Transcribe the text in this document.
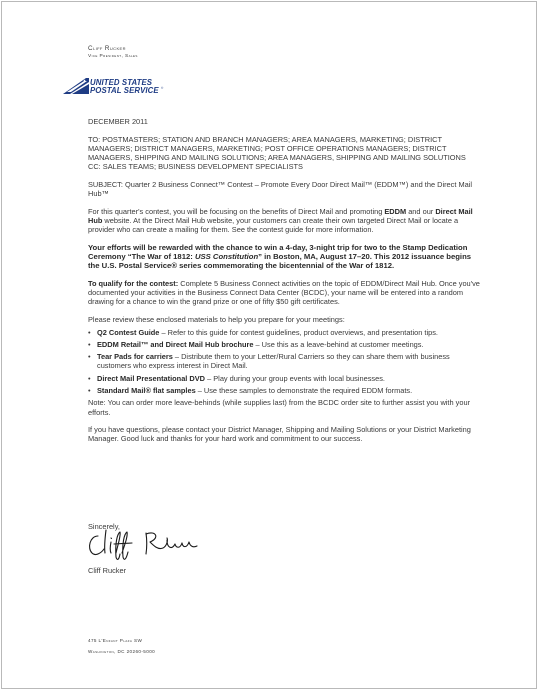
Cliff Rucker
Vice President, Sales
UNITED STATES
POSTAL SERVICE ®

DECEMBER 2011

TO: POSTMASTERS; STATION AND BRANCH MANAGERS; AREA MANAGERS, MARKETING; DISTRICT MANAGERS; DISTRICT MANAGERS, MARKETING; POST OFFICE OPERATIONS MANAGERS; DISTRICT MANAGERS, SHIPPING AND MAILING SOLUTIONS; AREA MANAGERS, SHIPPING AND MAILING SOLUTIONS

CC: SALES TEAMS; BUSINESS DEVELOPMENT SPECIALISTS

SUBJECT: Quarter 2 Business Connect™ Contest – Promote Every Door Direct Mail™ (EDDM™) and the Direct Mail Hub™

For this quarter's contest, you will be focusing on the benefits of Direct Mail and promoting EDDM and our Direct Mail Hub website. At the Direct Mail Hub website, your customers can create their own targeted Direct Mail or locate a provider who can create a mailing for them. See the contest guide for more information.

Your efforts will be rewarded with the chance to win a 4-day, 3-night trip for two to the Stamp Dedication Ceremony “The War of 1812: USS Constitution” in Boston, MA, August 17–20. This 2012 issuance begins the U.S. Postal Service® series commemorating the bicentennial of the War of 1812.

To qualify for the contest: Complete 5 Business Connect activities on the topic of EDDM/Direct Mail Hub. Once you've documented your activities in the Business Connect Data Center (BCDC), your name will be entered into a random drawing for a chance to win the grand prize or one of fifty $50 gift certificates.

Please review these enclosed materials to help you prepare for your meetings:

• Q2 Contest Guide – Refer to this guide for contest guidelines, product overviews, and presentation tips.
• EDDM Retail™ and Direct Mail Hub brochure – Use this as a leave-behind at customer meetings.
• Tear Pads for carriers – Distribute them to your Letter/Rural Carriers so they can share them with business customers who express interest in Direct Mail.
• Direct Mail Presentational DVD – Play during your group events with local businesses.
• Standard Mail® flat samples – Use these samples to demonstrate the required EDDM formats.

Note: You can order more leave-behinds (while supplies last) from the BCDC order site to further assist you with your efforts.

If you have questions, please contact your District Manager, Shipping and Mailing Solutions or your District Marketing Manager. Good luck and thanks for your hard work and commitment to our success.

Sincerely,
Cliff Rucker
475 L'Enfant Plaza SW
Washington, DC 20260-5000
